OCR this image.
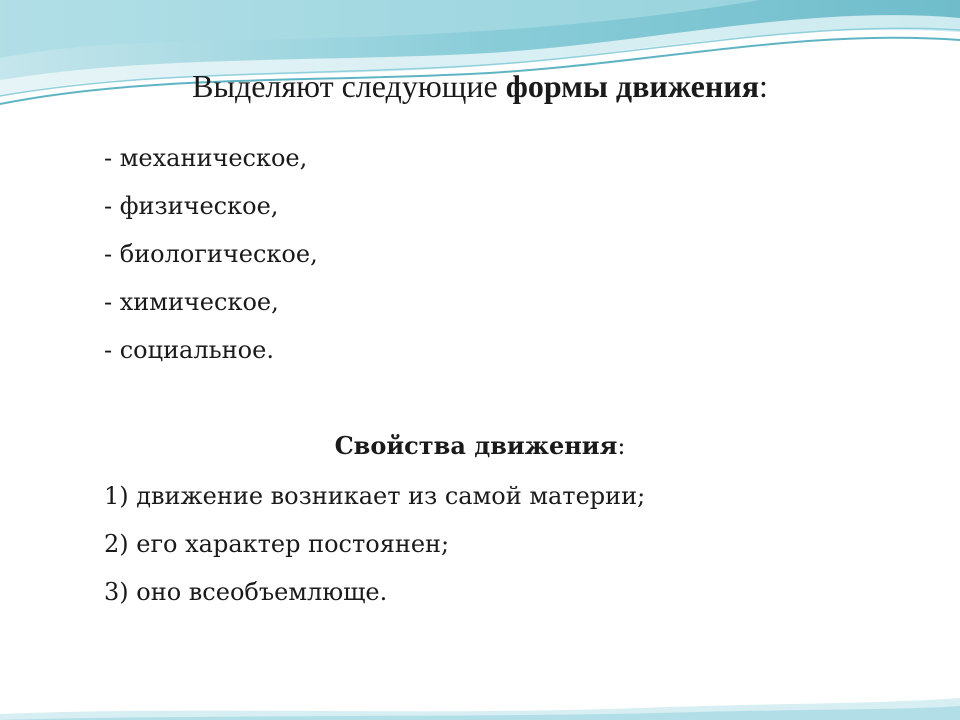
Выделяют следующие формы движения:
- механическое,
- физическое,
- биологическое,
- химическое,
- социальное.
Свойства движения:
1) движение возникает из самой материи;
2) его характер постоянен;
3) оно всеобъемлюще.
